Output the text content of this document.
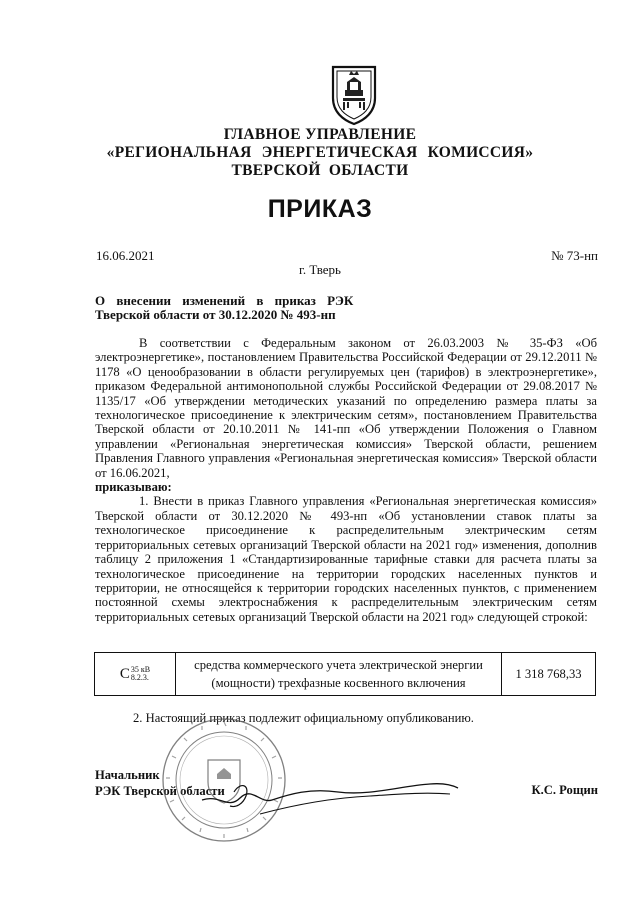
ГЛАВНОЕ УПРАВЛЕНИЕ
«РЕГИОНАЛЬНАЯ ЭНЕРГЕТИЧЕСКАЯ КОМИССИЯ»
ТВЕРСКОЙ ОБЛАСТИ
ПРИКАЗ
16.06.2021	№ 73-нп
г. Тверь
О внесении изменений в приказ РЭК
Тверской области от 30.12.2020 № 493-нп

В соответствии с Федеральным законом от 26.03.2003 № 35-ФЗ «Об электроэнергетике», постановлением Правительства Российской Федерации от 29.12.2011 № 1178 «О ценообразовании в области регулируемых цен (тарифов) в электроэнергетике», приказом Федеральной антимонопольной службы Российской Федерации от 29.08.2017 № 1135/17 «Об утверждении методических указаний по определению размера платы за технологическое присоединение к электрическим сетям», постановлением Правительства Тверской области от 20.10.2011 № 141-пп «Об утверждении Положения о Главном управлении «Региональная энергетическая комиссия» Тверской области, решением Правления Главного управления «Региональная энергетическая комиссия» Тверской области от 16.06.2021,

приказываю:

1. Внести в приказ Главного управления «Региональная энергетическая комиссия» Тверской области от 30.12.2020 № 493-нп «Об установлении ставок платы за технологическое присоединение к распределительным электрическим сетям территориальных сетевых организаций Тверской области на 2021 год» изменения, дополнив таблицу 2 приложения 1 «Стандартизированные тарифные ставки для расчета платы за технологическое присоединение на территории городских населенных пунктов и территории, не относящейся к территории городских населенных пунктов, с применением постоянной схемы электроснабжения к распределительным электрическим сетям территориальных сетевых организаций Тверской области на 2021 год» следующей строкой:

C 35 кВ
8.2.3.
	средства коммерческого учета электрической энергии (мощности) трехфазные косвенного включения	1 318 768,33
2. Настоящий приказ подлежит официальному опубликованию.
Начальник
РЭК Тверской области	К.С. Рощин
